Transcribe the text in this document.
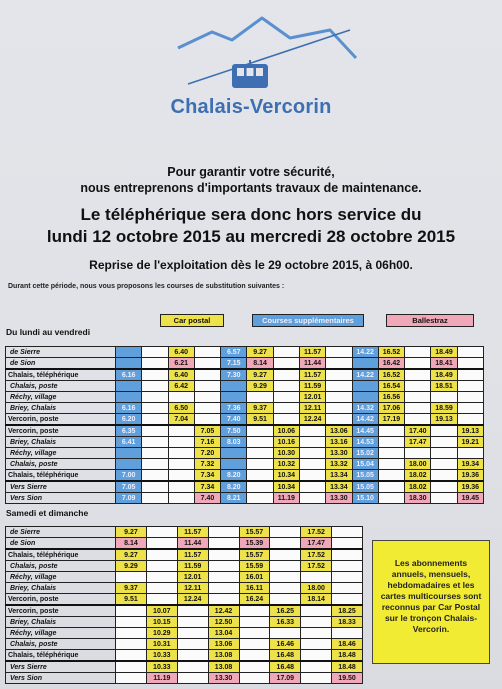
Chalais-Vercorin
Pour garantir votre sécurité,
nous entreprenons d'importants travaux de maintenance.
Le téléphérique sera donc hors service du
lundi 12 octobre 2015 au mercredi 28 octobre 2015
Reprise de l'exploitation dès le 29 octobre 2015, à 06h00.
Durant cette période, nous vous proposons les courses de substitution suivantes :
Du lundi au vendredi
Car postal	Courses supplémentaires	Ballestraz
de Sierre			6.40		6.57	9.27		11.57		14.22	16.52		18.49	
de Sion			6.21		7.15	8.14		11.44			16.42		18.41	
Chalais, téléphérique	6.16		6.40		7.30	9.27		11.57		14.22	16.52		18.49	
Chalais, poste			6.42			9.29		11.59			16.54		18.51	
Réchy, village								12.01			16.56			
Briey, Chalais	6.16		6.50		7.36	9.37		12.11		14.32	17.06		18.59	
Vercorin, poste	6.20		7.04		7.40	9.51		12.24		14.42	17.19		19.13	
Vercorin, poste	6.35			7.05	7.50		10.06		13.06	14.45		17.40		19.13
Briey, Chalais	6.41			7.16	8.03		10.16		13.16	14.53		17.47		19.21
Réchy, village				7.20			10.30		13.30	15.02				
Chalais, poste				7.32			10.32		13.32	15.04		18.00		19.34
Chalais, téléphérique	7.00			7.34	8.20		10.34		13.34	15.05		18.02		19.36
Vers Sierre	7.05			7.34	8.20		10.34		13.34	15.05		18.02		19.36
Vers Sion	7.09			7.40	8.21		11.19		13.30	15.10		18.30		19.45
Samedi et dimanche
de Sierre	9.27		11.57		15.57		17.52	
de Sion	8.14		11.44		15.39		17.47	
Chalais, téléphérique	9.27		11.57		15.57		17.52	
Chalais, poste	9.29		11.59		15.59		17.52	
Réchy, village			12.01		16.01			
Briey, Chalais	9.37		12.11		16.11		18.00	
Vercorin, poste	9.51		12.24		16.24		18.14	
Vercorin, poste		10.07		12.42		16.25		18.25
Briey, Chalais		10.15		12.50		16.33		18.33
Réchy, village		10.29		13.04				
Chalais, poste		10.31		13.06		16.46		18.46
Chalais, téléphérique		10.33		13.08		16.48		18.48
Vers Sierre		10.33		13.08		16.48		18.48
Vers Sion		11.19		13.30		17.09		19.50
Les abonnements annuels, mensuels, hebdomadaires et les cartes multicourses sont reconnus par Car Postal sur le tronçon Chalais-Vercorin.
